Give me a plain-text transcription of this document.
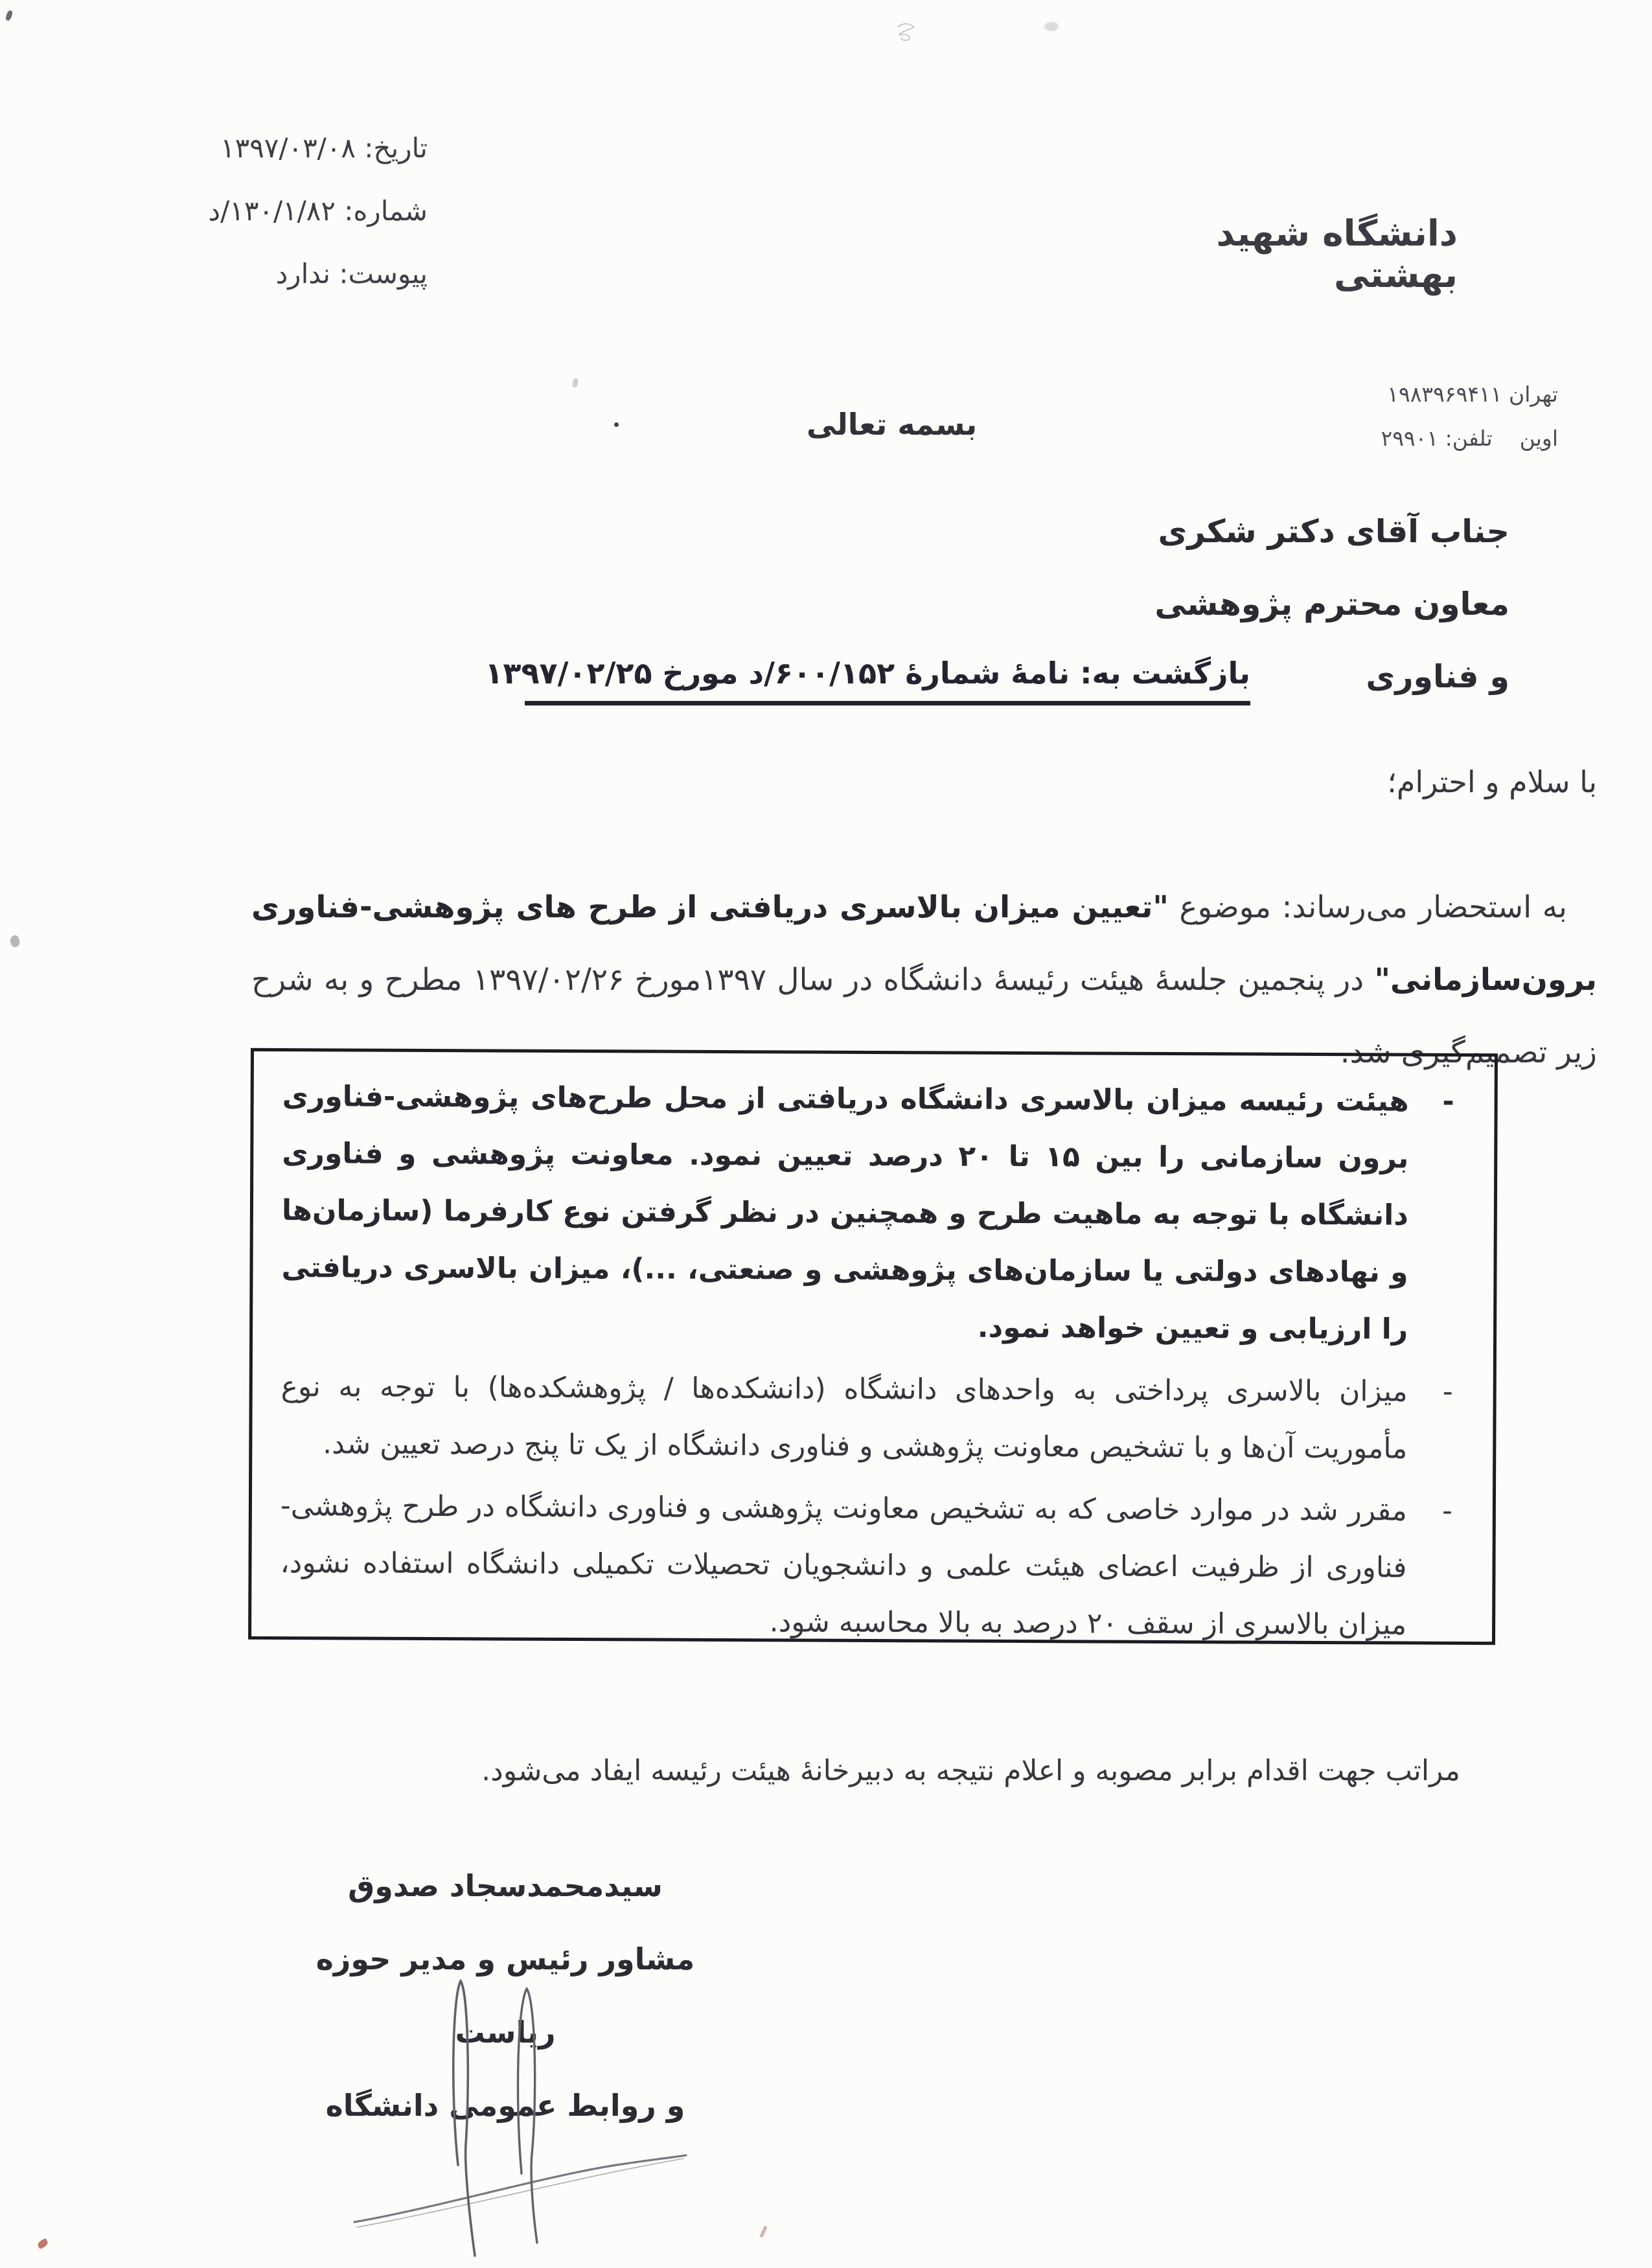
تاریخ: ۱۳۹۷/۰۳/۰۸
شماره: ۱۳۰/۱/۸۲/د
پیوست: ندارد
دانشگاه شهید بهشتی
تهران ۱۹۸۳۹۶۹۴۱۱
اوین    تلفن: ۲۹۹۰۱
بسمه تعالی
جناب آقای دکتر شکری
معاون محترم پژوهشی و فناوری
بازگشت به: نامۀ شمارۀ ۶۰۰/۱۵۲/د مورخ ۱۳۹۷/۰۲/۲۵
با سلام و احترام؛

به استحضار می‌رساند: موضوع "تعیین میزان بالاسری دریافتی از طرح های پژوهشی-فناوری برون‌سازمانی" در پنجمین جلسۀ هیئت رئیسۀ دانشگاه در سال ۱۳۹۷مورخ ۱۳۹۷/۰۲/۲۶ مطرح و به شرح زیر تصمیم‌گیری شد.

-
هیئت رئیسه میزان بالاسری دانشگاه دریافتی از محل طرح‌های پژوهشی-فناوری برون سازمانی را بین ۱۵ تا ۲۰ درصد تعیین نمود. معاونت پژوهشی و فناوری دانشگاه با توجه به ماهیت طرح و همچنین در نظر گرفتن نوع کارفرما (سازمان‌ها و نهادهای دولتی یا سازمان‌های پژوهشی و صنعتی، ...)، میزان بالاسری دریافتی را ارزیابی و تعیین خواهد نمود.
-
میزان بالاسری پرداختی به واحدهای دانشگاه (دانشکده‌ها / پژوهشکده‌ها) با توجه به نوع مأموریت آن‌ها و با تشخیص معاونت پژوهشی و فناوری دانشگاه از یک تا پنج درصد تعیین شد.
-
مقرر شد در موارد خاصی که به تشخیص معاونت پژوهشی و فناوری دانشگاه در طرح پژوهشی-فناوری از ظرفیت اعضای هیئت علمی و دانشجویان تحصیلات تکمیلی دانشگاه استفاده نشود، میزان بالاسری از سقف ۲۰ درصد به بالا محاسبه شود.
مراتب جهت اقدام برابر مصوبه و اعلام نتیجه به دبیرخانۀ هیئت رئیسه ایفاد می‌شود.
سیدمحمدسجاد صدوق
مشاور رئیس و مدیر حوزه ریاست
و روابط عمومی دانشگاه
